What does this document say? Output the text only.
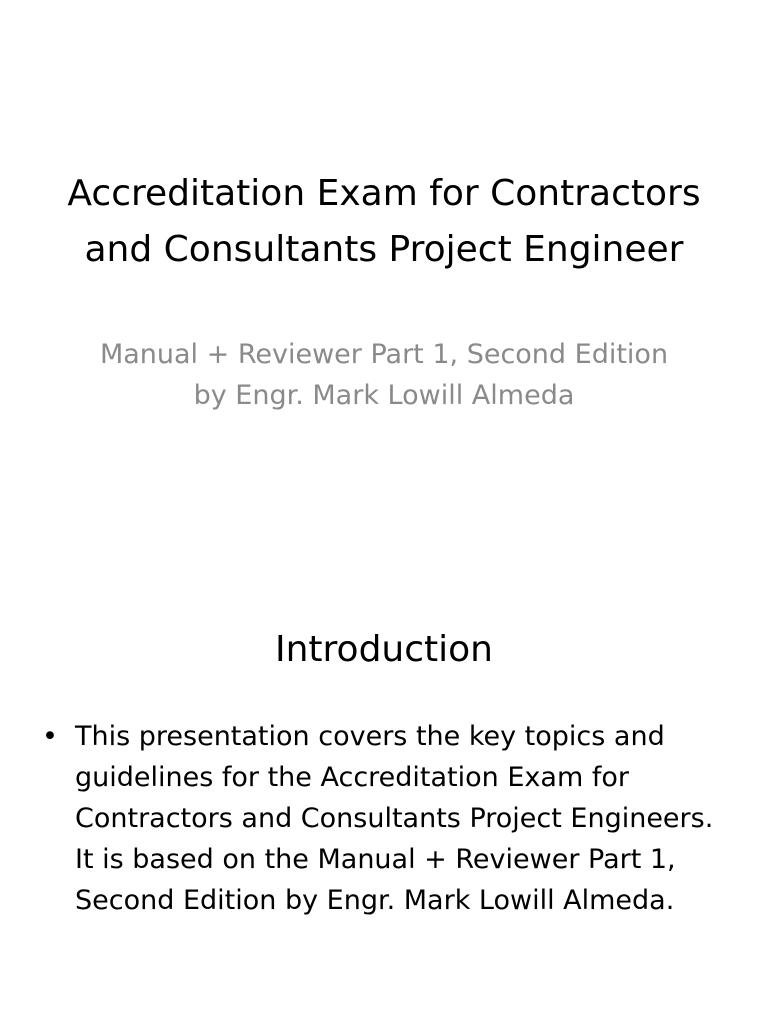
Accreditation Exam for Contractors and Consultants Project Engineer
Manual + Reviewer Part 1, Second Edition by Engr. Mark Lowill Almeda
Introduction
• This presentation covers the key topics and guidelines for the Accreditation Exam for Contractors and Consultants Project Engineers. It is based on the Manual + Reviewer Part 1, Second Edition by Engr. Mark Lowill Almeda.
